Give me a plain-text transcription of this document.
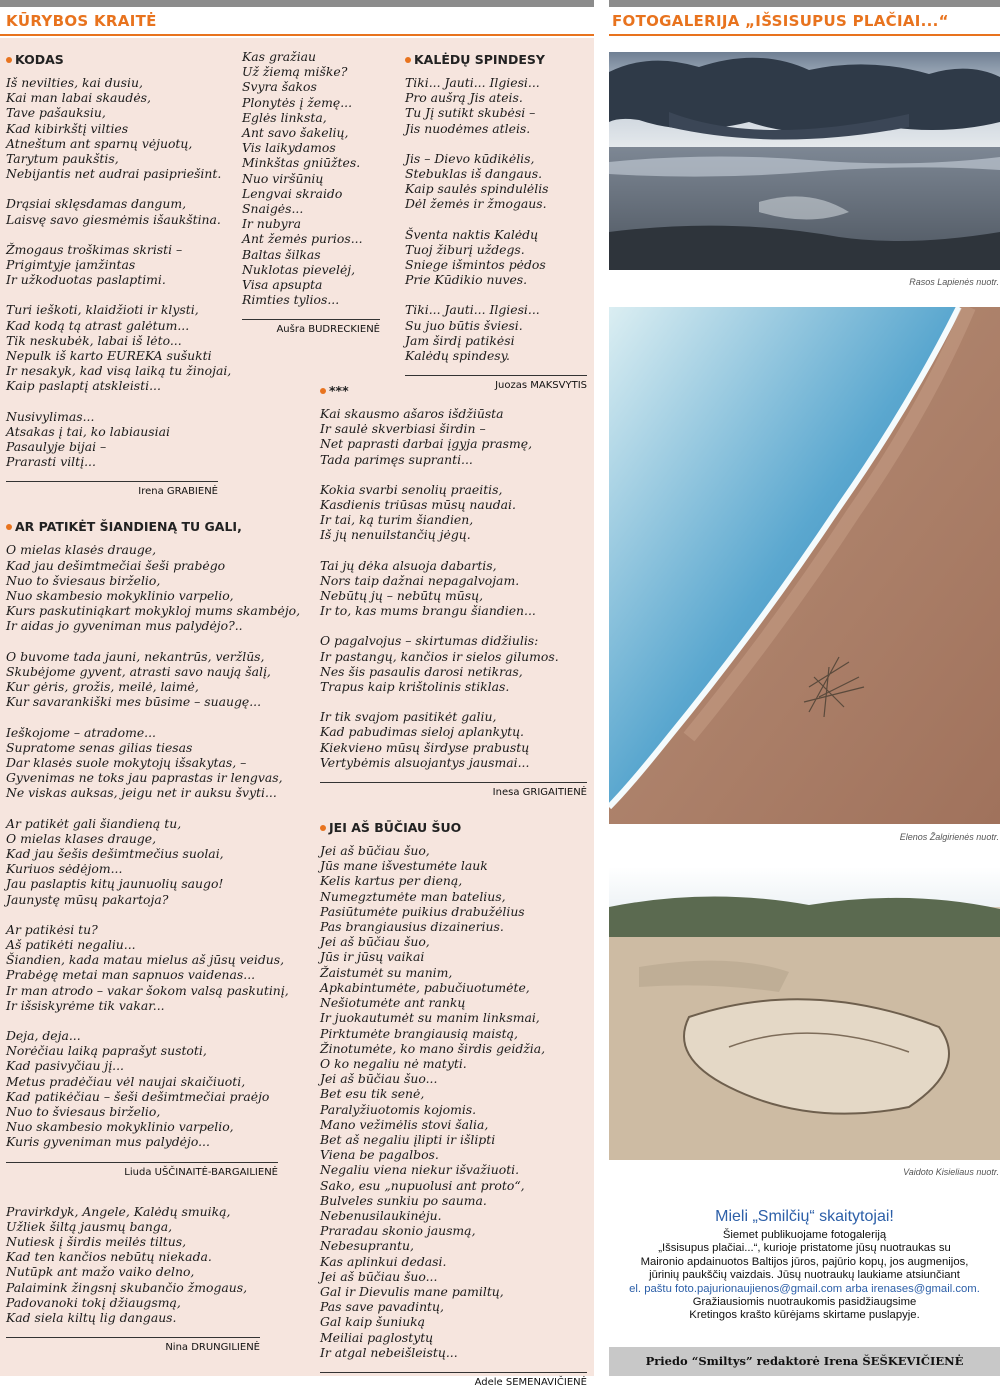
KŪRYBOS KRAITĖ	FOTOGALERIJA „IŠSISUPUS PLAČIAI...“
KODAS
Iš nevilties, kai dusiu,
Kai man labai skaudės,
Tave pašauksiu,
Kad kibirkštį vilties
Atneštum ant sparnų vėjuotų,
Tarytum paukštis,
Nebijantis net audrai pasipriešint.
Drąsiai sklęsdamas dangum,
Laisvę savo giesmėmis išaukština.
Žmogaus troškimas skristi –
Prigimtyje įamžintas
Ir užkoduotas paslaptimi.
Turi ieškoti, klaidžioti ir klysti,
Kad kodą tą atrast galėtum...
Tik neskubėk, labai iš lėto...
Nepulk iš karto EUREKA sušukti
Ir nesakyk, kad visą laiką tu žinojai,
Kaip paslaptį atskleisti...
Nusivylimas...
Atsakas į tai, ko labiausiai
Pasaulyje bijai –
Prarasti viltį...
Irena GRABIENĖ
AR PATIKĖT ŠIANDIENĄ TU GALI,
O mielas klasės drauge,
Kad jau dešimtmečiai šeši prabėgo
Nuo to šviesaus birželio,
Nuo skambesio mokyklinio varpelio,
Kurs paskutiniąkart mokykloj mums skambėjo,
Ir aidas jo gyveniman mus palydėjo?..
O buvome tada jauni, nekantrūs, veržlūs,
Skubėjome gyvent, atrasti savo naują šalį,
Kur gėris, grožis, meilė, laimė,
Kur savarankiški mes būsime – suaugę...
Ieškojome – atradome...
Supratome senas gilias tiesas
Dar klasės suole mokytojų išsakytas, –
Gyvenimas ne toks jau paprastas ir lengvas,
Ne viskas auksas, jeigu net ir auksu švyti...
Ar patikėt gali šiandieną tu,
O mielas klases drauge,
Kad jau šešis dešimtmečius suolai,
Kuriuos sėdėjom...
Jau paslaptis kitų jaunuolių saugo!
Jaunystę mūsų pakartoja?
Ar patikėsi tu?
Aš patikėti negaliu...
Šiandien, kada matau mielus aš jūsų veidus,
Prabėgę metai man sapnuos vaidenas...
Ir man atrodo – vakar šokom valsą paskutinį,
Ir išsiskyrėme tik vakar...
Deja, deja...
Norėčiau laiką paprašyt sustoti,
Kad pasivyčiau jį...
Metus pradėčiau vėl naujai skaičiuoti,
Kad patikėčiau – šeši dešimtmečiai praėjo
Nuo to šviesaus birželio,
Nuo skambesio mokyklinio varpelio,
Kuris gyveniman mus palydėjo...
Liuda UŠČINAITĖ-BARGAILIENĖ
Pravirkdyk, Angele, Kalėdų smuiką,
Užliek šiltą jausmų banga,
Nutiesk į širdis meilės tiltus,
Kad ten kančios nebūtų niekada.
Nutūpk ant mažo vaiko delno,
Palaimink žingsnį skubančio žmogaus,
Padovanoki tokį džiaugsmą,
Kad siela kiltų lig dangaus.
Nina DRUNGILIENĖ
Kas gražiau
Už žiemą miške?
Svyra šakos
Plonytės į žemę...
Eglės linksta,
Ant savo šakelių,
Vis laikydamos
Minkštas gniūžtes.
Nuo viršūnių
Lengvai skraido
Snaigės...
Ir nubyra
Ant žemės purios...
Baltas šilkas
Nuklotas pievelėj,
Visa apsupta
Rimties tylios...
Aušra BUDRECKIENĖ
KALĖDŲ SPINDESY
Tiki... Jauti... Ilgiesi...
Pro aušrą Jis ateis.
Tu Jį sutikt skubėsi –
Jis nuodėmes atleis.
Jis – Dievo kūdikėlis,
Stebuklas iš dangaus.
Kaip saulės spindulėlis
Dėl žemės ir žmogaus.
Šventa naktis Kalėdų
Tuoj žiburį uždegs.
Sniege išmintos pėdos
Prie Kūdikio nuves.
Tiki... Jauti... Ilgiesi...
Su juo būtis šviesi.
Jam širdį patikėsi
Kalėdų spindesy.
Juozas MAKSVYTIS
***
Kai skausmo ašaros išdžiūsta
Ir saulė skverbiasi širdin –
Net paprasti darbai įgyja prasmę,
Tada parimęs supranti...
Kokia svarbi senolių praeitis,
Kasdienis triūsas mūsų naudai.
Ir tai, ką turim šiandien,
Iš jų nenuilstančių jėgų.
Tai jų dėka alsuoja dabartis,
Nors taip dažnai nepagalvojam.
Nebūtų jų – nebūtų mūsų,
Ir to, kas mums brangu šiandien...
O pagalvojus – skirtumas didžiulis:
Ir pastangų, kančios ir sielos gilumos.
Nes šis pasaulis darosi netikras,
Trapus kaip krištolinis stiklas.
Ir tik svajom pasitikėt galiu,
Kad pabudimas sieloj aplankytų.
Kiekviено mūsų širdyse prabustų
Vertybėmis alsuojantys jausmai...
Inesa GRIGAITIENĖ
JEI AŠ BŪČIAU ŠUO
Jei aš būčiau šuo,
Jūs mane išvestumėte lauk
Kelis kartus per dieną,
Numegztumėte man batelius,
Pasiūtumėte puikius drabužėlius
Pas brangiausius dizainerius.
Jei aš būčiau šuo,
Jūs ir jūsų vaikai
Žaistumėt su manim,
Apkabintumėte, pabučiuotumėte,
Nešiotumėte ant rankų
Ir juokautumėt su manim linksmai,
Pirktumėte brangiausią maistą,
Žinotumėte, ko mano širdis geidžia,
O ko negaliu nė matyti.
Jei aš būčiau šuo...
Bet esu tik senė,
Paralyžiuotomis kojomis.
Mano vežimėlis stovi šalia,
Bet aš negaliu įlipti ir išlipti
Viena be pagalbos.
Negaliu viena niekur išvažiuoti.
Sako, esu „nupuolusi ant proto“,
Bulveles sunkiu po sauma.
Nebenusilaukinėju.
Praradau skonio jausmą,
Nebesuprantu,
Kas aplinkui dedasi.
Jei aš būčiau šuo...
Gal ir Dievulis mane pamiltų,
Pas save pavadintų,
Gal kaip šuniuką
Meiliai paglostytų
Ir atgal nebeišleistų...
Adele SEMENAVIČIENĖ
Rasos Lapienės nuotr.
Elenos Žalgirienės nuotr.
Vaidoto Kisieliaus nuotr.
Mieli „Smilčių“ skaitytojai!
Šiemet publikuojame fotogaleriją
„Išsisupus plačiai...“, kurioje pristatome jūsų nuotraukas su
Maironio apdainuotos Baltijos jūros, pajūrio kopų, jos augmenijos,
jūrinių paukščių vaizdais. Jūsų nuotraukų laukiame atsiunčiant
el. paštu foto.pajurionaujienos@gmail.com arba irenases@gmail.com.
Gražiausiomis nuotraukomis pasidžiaugsime
Kretingos krašto kūrėjams skirtame puslapyje.
Priedo “Smiltys” redaktorė Irena ŠEŠKEVIČIENĖ
